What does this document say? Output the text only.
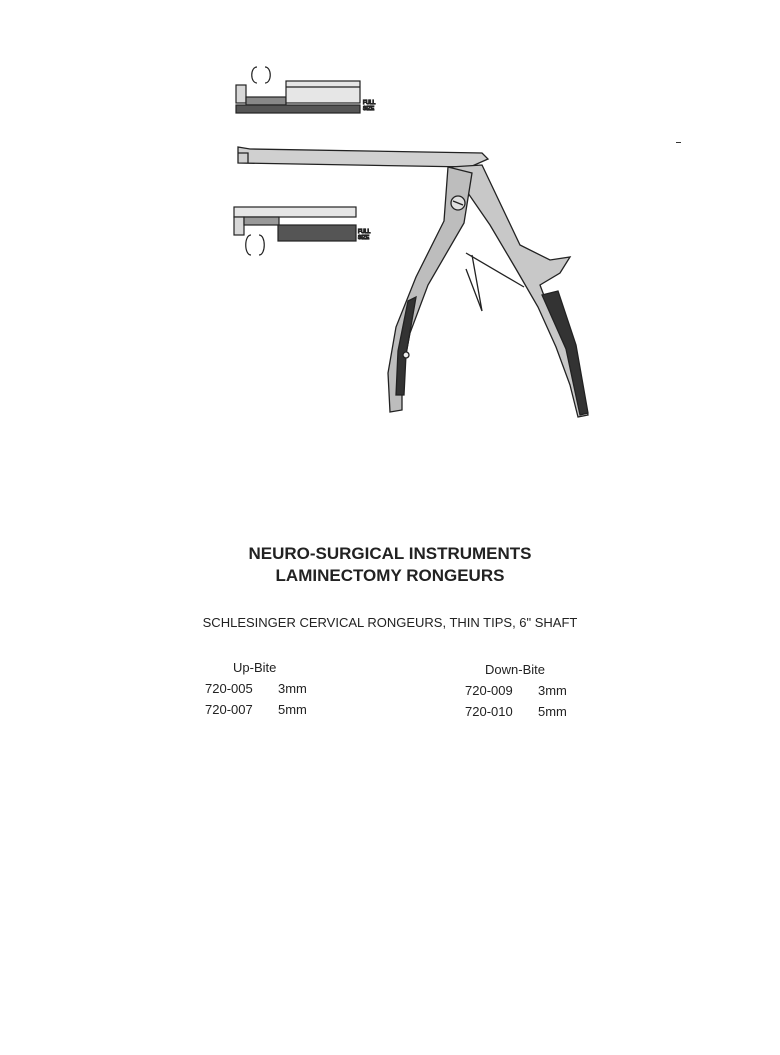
FULL
SIZE
FULL
SIZE
NEURO-SURGICAL INSTRUMENTS
LAMINECTOMY RONGEURS
SCHLESINGER CERVICAL RONGEURS, THIN TIPS, 6" SHAFT
Up-Bite
720-005 3mm
720-007 5mm
Down-Bite
720-009 3mm
720-010 5mm
